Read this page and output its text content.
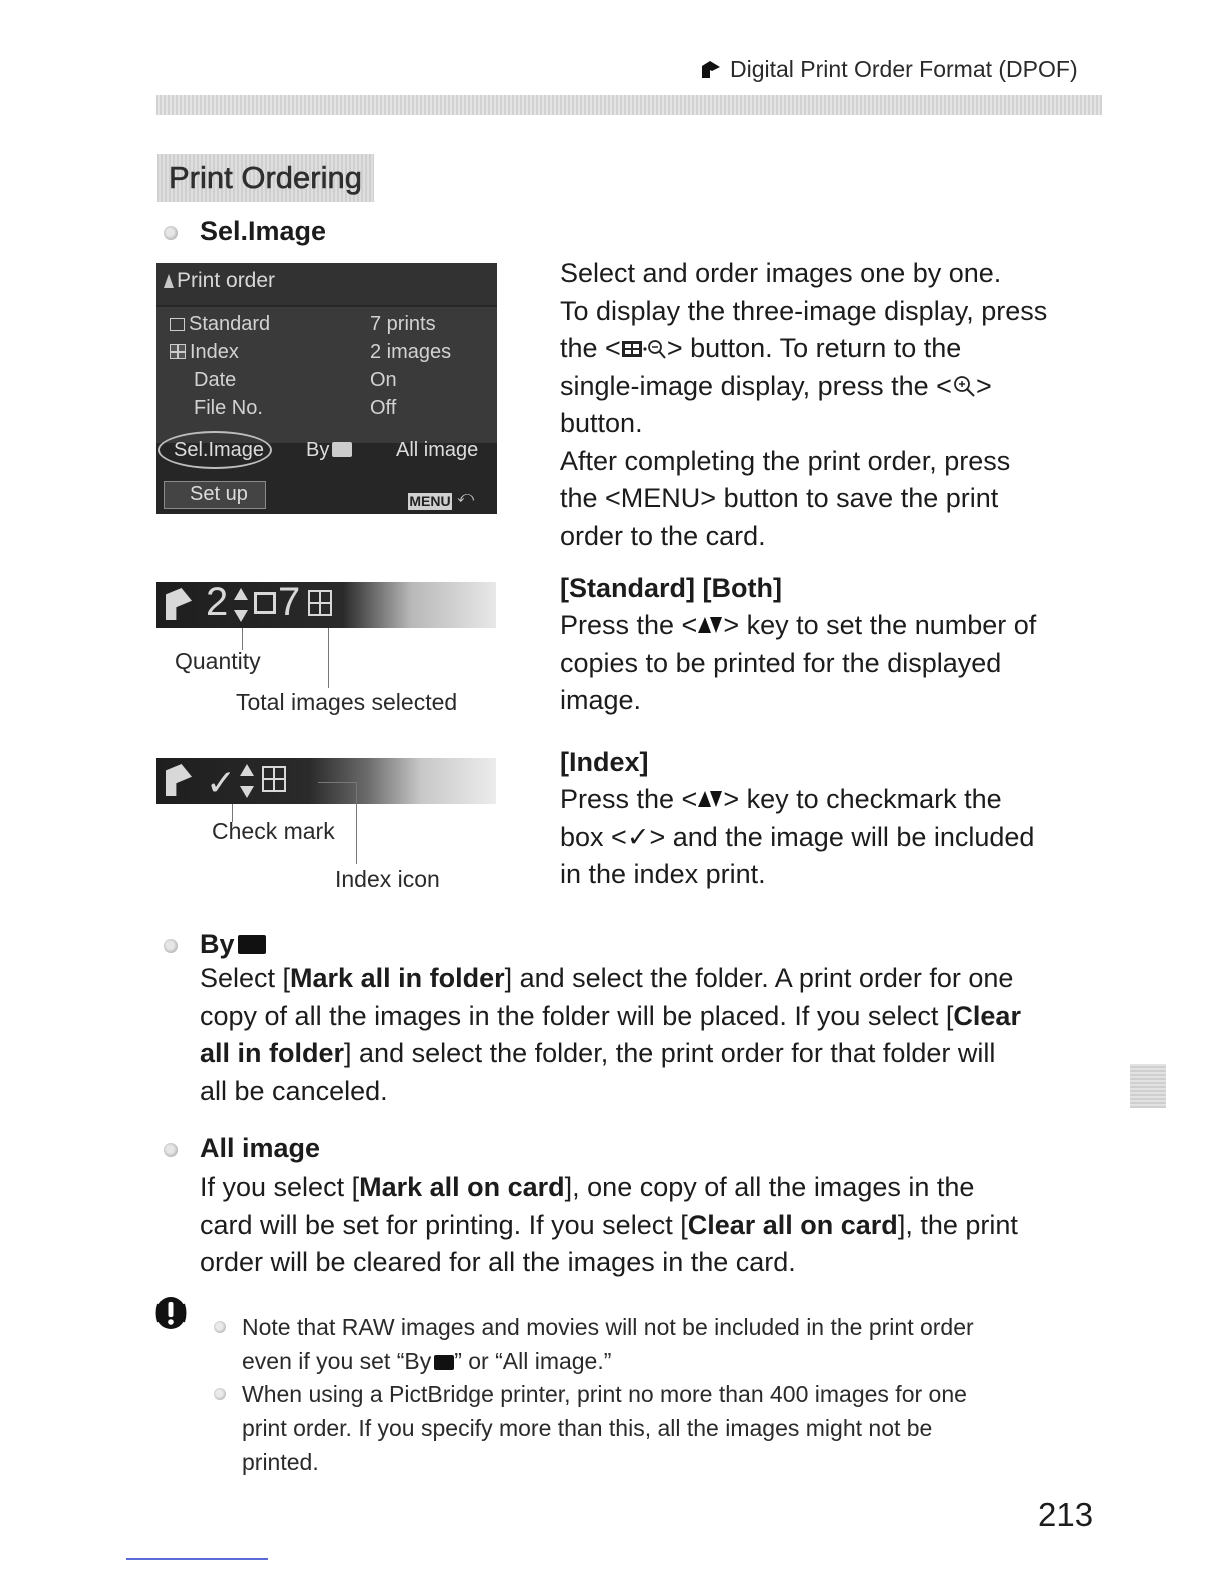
Digital Print Order Format (DPOF)
Print Ordering
Sel.Image
Print order
Standard	7 prints
Index	2 images
Date	On
File No.	Off
Sel.Image By	All image
Set up	MENU ⤺
Select and order images one by one.
To display the three-image display, press
the < > button. To return to the
single-image display, press the < >
button.
After completing the print order, press
the <MENU> button to save the print
order to the card.
2 7
Quantity
Total images selected
[Standard] [Both]
Press the < > key to set the number of
copies to be printed for the displayed
image.
✓
Check mark
Index icon
[Index]
Press the < > key to checkmark the
box <✓> and the image will be included
in the index print.
By
Select [Mark all in folder] and select the folder. A print order for one
copy of all the images in the folder will be placed. If you select [Clear
all in folder] and select the folder, the print order for that folder will
all be canceled.
All image
If you select [Mark all on card], one copy of all the images in the
card will be set for printing. If you select [Clear all on card], the print
order will be cleared for all the images in the card.
Note that RAW images and movies will not be included in the print order
even if you set “By ” or “All image.”
When using a PictBridge printer, print no more than 400 images for one
print order. If you specify more than this, all the images might not be
printed.
213
